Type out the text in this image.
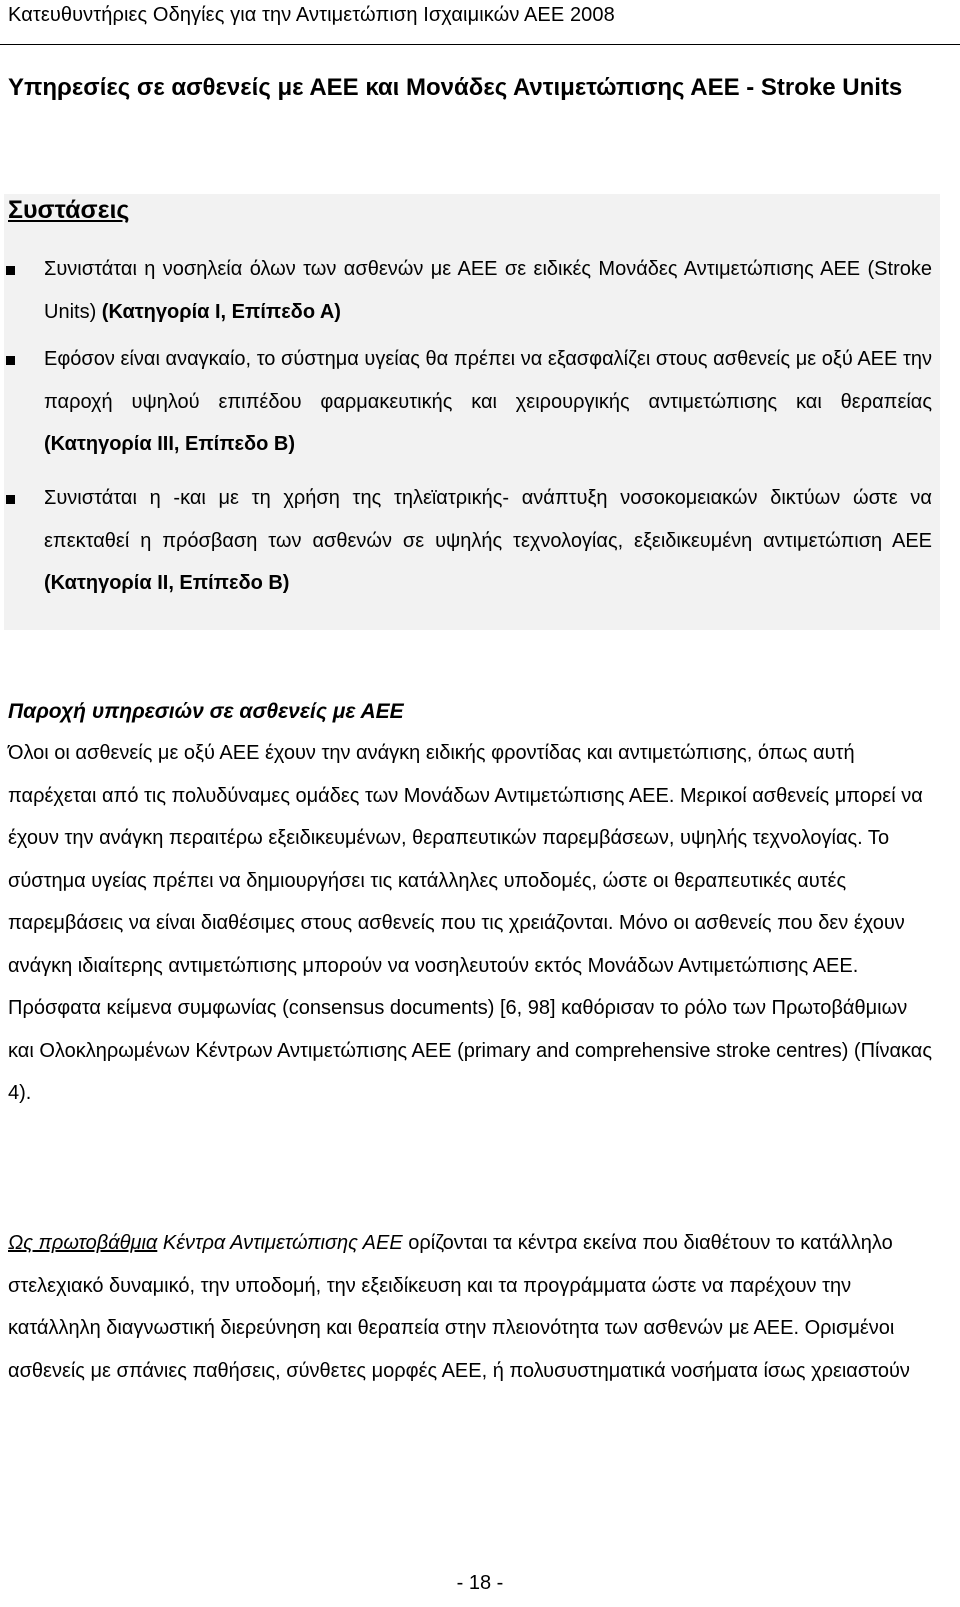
Κατευθυντήριες Οδηγίες για την Αντιμετώπιση Ισχαιμικών ΑΕΕ 2008
Υπηρεσίες σε ασθενείς με ΑΕΕ και Μονάδες Αντιμετώπισης ΑΕΕ - Stroke Units
Συστάσεις
Συνιστάται η νοσηλεία όλων των ασθενών με ΑΕΕ σε ειδικές Μονάδες Αντιμετώπισης ΑΕΕ (Stroke Units) (Κατηγορία Ι, Επίπεδο Α)
Εφόσον είναι αναγκαίο, το σύστημα υγείας θα πρέπει να εξασφαλίζει στους ασθενείς με οξύ ΑΕΕ την παροχή υψηλού επιπέδου φαρμακευτικής και χειρουργικής αντιμετώπισης και θεραπείας (Κατηγορία ΙΙΙ, Επίπεδο Β)
Συνιστάται η -και με τη χρήση της τηλεϊατρικής- ανάπτυξη νοσοκομειακών δικτύων ώστε να επεκταθεί η πρόσβαση των ασθενών σε υψηλής τεχνολογίας, εξειδικευμένη αντιμετώπιση ΑΕΕ (Κατηγορία ΙΙ, Επίπεδο Β)
Παροχή υπηρεσιών σε ασθενείς με ΑΕΕ
Όλοι οι ασθενείς με οξύ ΑΕΕ έχουν την ανάγκη ειδικής φροντίδας και αντιμετώπισης, όπως αυτή παρέχεται από τις πολυδύναμες ομάδες των Μονάδων Αντιμετώπισης ΑΕΕ. Μερικοί ασθενείς μπορεί να έχουν την ανάγκη περαιτέρω εξειδικευμένων, θεραπευτικών παρεμβάσεων, υψηλής τεχνολογίας. Το σύστημα υγείας πρέπει να δημιουργήσει τις κατάλληλες υποδομές, ώστε οι θεραπευτικές αυτές παρεμβάσεις να είναι διαθέσιμες στους ασθενείς που τις χρειάζονται. Μόνο οι ασθενείς που δεν έχουν ανάγκη ιδιαίτερης αντιμετώπισης μπορούν να νοσηλευτούν εκτός Μονάδων Αντιμετώπισης ΑΕΕ. Πρόσφατα κείμενα συμφωνίας (consensus documents) [6, 98] καθόρισαν το ρόλο των Πρωτοβάθμιων και Ολοκληρωμένων Κέντρων Αντιμετώπισης ΑΕΕ (primary and comprehensive stroke centres) (Πίνακας 4).
Ως πρωτοβάθμια Κέντρα Αντιμετώπισης ΑΕΕ ορίζονται τα κέντρα εκείνα που διαθέτουν το κατάλληλο στελεχιακό δυναμικό, την υποδομή, την εξειδίκευση και τα προγράμματα ώστε να παρέχουν την κατάλληλη διαγνωστική διερεύνηση και θεραπεία στην πλειονότητα των ασθενών με ΑΕΕ. Ορισμένοι ασθενείς με σπάνιες παθήσεις, σύνθετες μορφές ΑΕΕ, ή πολυσυστηματικά νοσήματα ίσως χρειαστούν
- 18 -
